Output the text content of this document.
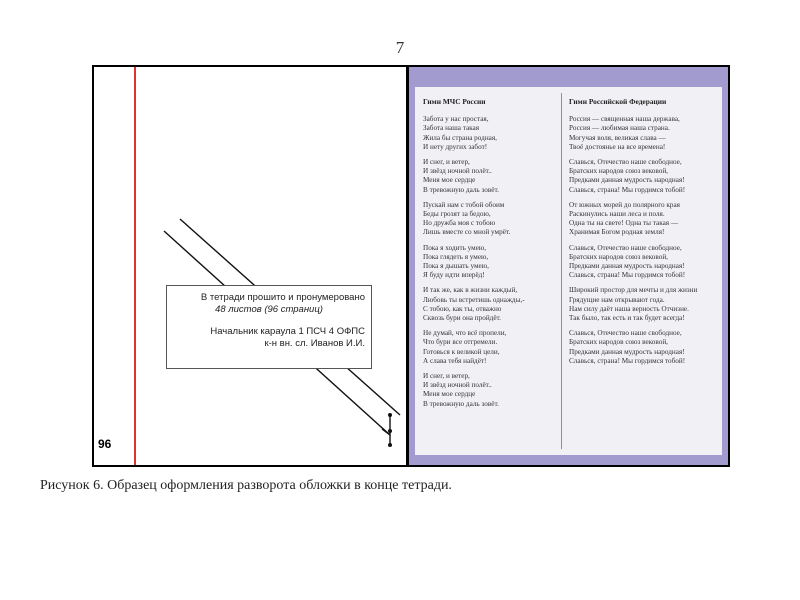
7
В тетради прошито и пронумеровано
48 листов (96 страниц)
Начальник караула 1 ПСЧ 4 ОФПС
к-н вн. сл. Иванов И.И.
96
Гимн МЧС России
Забота у нас простая,
Забота наша такая
Жила бы страна родная,
И нету других забот!
И снег, и ветер,
И звёзд ночной полёт..
Меня мое сердце
В тревожную даль зовёт.
Пускай нам с тобой обоим
Беды грозят за бедою,
Но дружба моя с тобою
Лишь вместе со мной умрёт.
Пока я ходить умею,
Пока глядеть я умею,
Пока я дышать умею,
Я буду идти вперёд!
И так же, как в жизни каждый,
Любовь ты встретишь однажды,-
С тобою, как ты, отважно
Сквозь бури она пройдёт.
Не думай, что всё пропели,
Что бури все отгремели.
Готовься к великой цели,
А слава тебя найдёт!
И снег, и ветер,
И звёзд ночной полёт..
Меня мое сердце
В тревожную даль зовёт.
Гимн Российской Федерации
Россия — священная наша держава,
Россия — любимая наша страна.
Могучая воля, великая слава —
Твоё достоянье на все времена!
Славься, Отечество наше свободное,
Братских народов союз вековой,
Предками данная мудрость народная!
Славься, страна! Мы гордимся тобой!
От южных морей до полярного края
Раскинулись наши леса и поля.
Одна ты на свете! Одна ты такая —
Хранимая Богом родная земля!
Славься, Отечество наше свободное,
Братских народов союз вековой,
Предками данная мудрость народная!
Славься, страна! Мы гордимся тобой!
Широкий простор для мечты и для жизни
Грядущие нам открывают года.
Нам силу даёт наша верность Отчизне.
Так было, так есть и так будет всегда!
Славься, Отечество наше свободное,
Братских народов союз вековой,
Предками данная мудрость народная!
Славься, страна! Мы гордимся тобой!
Рисунок 6. Образец оформления разворота обложки в конце тетради.
